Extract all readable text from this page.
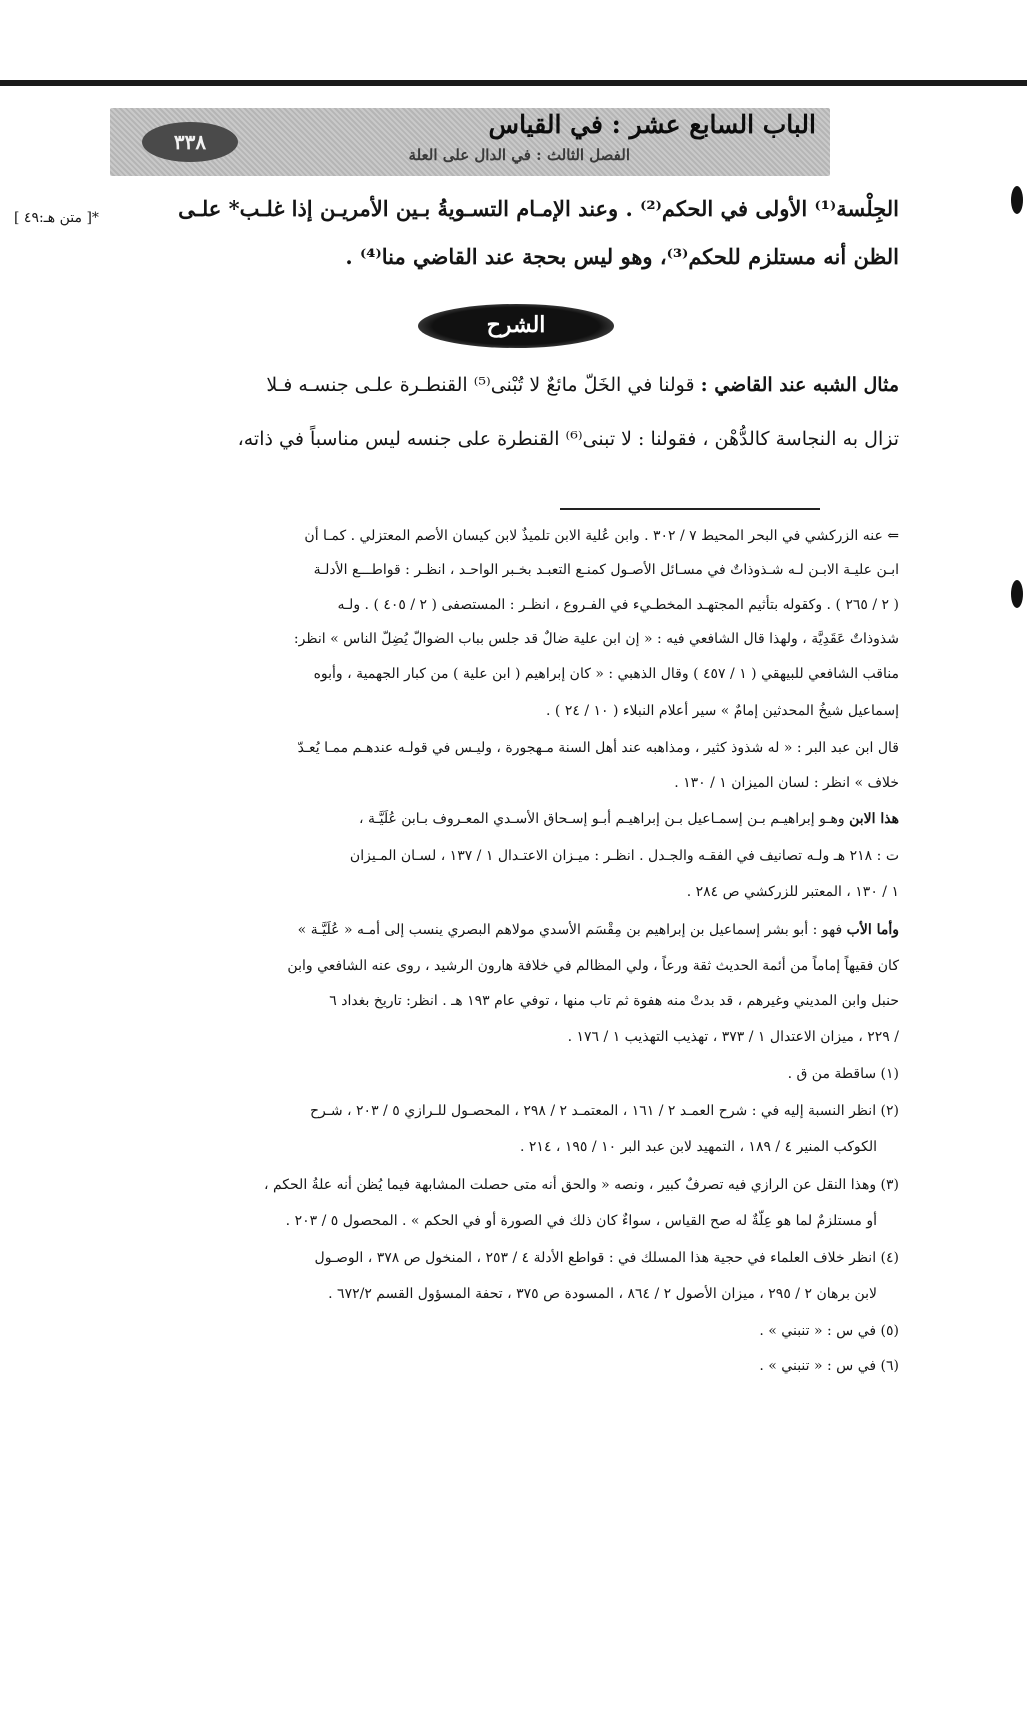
الباب السابع عشر : في القياس
الفصل الثالث : في الدال على العلة
٣٣٨
الجِلْسة⁽¹⁾ الأولى في الحكم⁽²⁾ . وعند الإمـام التسـويةُ بـين الأمريـن إذا غلـب* علـى
*[ متن هـ:٤٩ ]
الظن أنه مستلزم للحكم⁽³⁾، وهو ليس بحجة عند القاضي منا⁽⁴⁾ .
الشرح
مثال الشبه عند القاضي : قولنا في الخَلّ مائعٌ لا تُبْنى⁽⁵⁾ القنطـرة علـى جنسـه فـلا
تزال به النجاسة كالدُّهْن ، فقولنا : لا تبنى⁽⁶⁾ القنطرة على جنسه ليس مناسباً في ذاته،
⇐ عنه الزركشي في البحر المحيط ٧ / ٣٠٢ . وابن عُلية الابن تلميذٌ لابن كيسان الأصم المعتزلي . كمـا أن
ابـن عليـة الابـن لـه شـذوذاتٌ في مسـائل الأصـول كمنـع التعبـد بخـبر الواحـد ، انظـر : قواطـــع الأدلـة
( ٢ / ٢٦٥ ) . وكقوله بتأثيم المجتهـد المخطـيء في الفـروع ، انظـر : المستصفى ( ٢ / ٤٠٥ ) . ولـه
شذوذاتٌ عَقَدِيَّة ، ولهذا قال الشافعي فيه : « إن ابن علية ضالٌ قد جلس بباب الضوالّ يُضِلّ الناس » انظر:
مناقب الشافعي للبيهقي ( ١ / ٤٥٧ ) وقال الذهبي : « كان إبراهيم ( ابن علية ) من كبار الجهمية ، وأبوه
إسماعيل شيخُ المحدثين إمامٌ » سير أعلام النبلاء ( ١٠ / ٢٤ ) .
قال ابن عبد البر : « له شذوذ كثير ، ومذاهبه عند أهل السنة مـهجورة ، وليـس في قولـه عندهـم ممـا يُعـدّ
خلاف » انظر : لسان الميزان ١ / ١٣٠ .
هذا الابن وهـو إبراهيـم بـن إسمـاعيل بـن إبراهيـم أبـو إسـحاق الأسـدي المعـروف بـابن عُلَيَّـة ،
ت : ٢١٨ هـ ولـه تصانيف في الفقـه والجـدل . انظـر : ميـزان الاعتـدال ١ / ١٣٧ ، لسـان المـيزان
١ / ١٣٠ ، المعتبر للزركشي ص ٢٨٤ .
وأما الأب فهو : أبو بشر إسماعيل بن إبراهيم بن مِقْسَم الأسدي مولاهم البصري ينسب إلى أمـه « عُلَيَّـة »
كان فقيهاً إماماً من أئمة الحديث ثقة ورعاً ، ولي المظالم في خلافة هارون الرشيد ، روى عنه الشافعي وابن
حنبل وابن المديني وغيرهم ، قد بدتْ منه هفوة ثم تاب منها ، توفي عام ١٩٣ هـ . انظر: تاريخ بغداد ٦
/ ٢٢٩ ، ميزان الاعتدال ١ / ٣٧٣ ، تهذيب التهذيب ١ / ١٧٦ .
(١) ساقطة من ق .
(٢) انظر النسبة إليه في : شرح العمـد ٢ / ١٦١ ، المعتمـد ٢ / ٢٩٨ ، المحصـول للـرازي ٥ / ٢٠٣ ، شـرح
الكوكب المنير ٤ / ١٨٩ ، التمهيد لابن عبد البر ١٠ / ١٩٥ ، ٢١٤ .
(٣) وهذا النقل عن الرازي فيه تصرفٌ كبير ، ونصه « والحق أنه متى حصلت المشابهة فيما يُظن أنه علةُ الحكم ،
أو مستلزمٌ لما هو عِلّةٌ له صح القياس ، سواءٌ كان ذلك في الصورة أو في الحكم » . المحصول ٥ / ٢٠٣ .
(٤) انظر خلاف العلماء في حجية هذا المسلك في : قواطع الأدلة ٤ / ٢٥٣ ، المنخول ص ٣٧٨ ، الوصـول
لابن برهان ٢ / ٢٩٥ ، ميزان الأصول ٢ / ٨٦٤ ، المسودة ص ٣٧٥ ، تحفة المسؤول القسم ٦٧٢/٢ .
(٥) في س : « تنبني » .
(٦) في س : « تنبني » .
